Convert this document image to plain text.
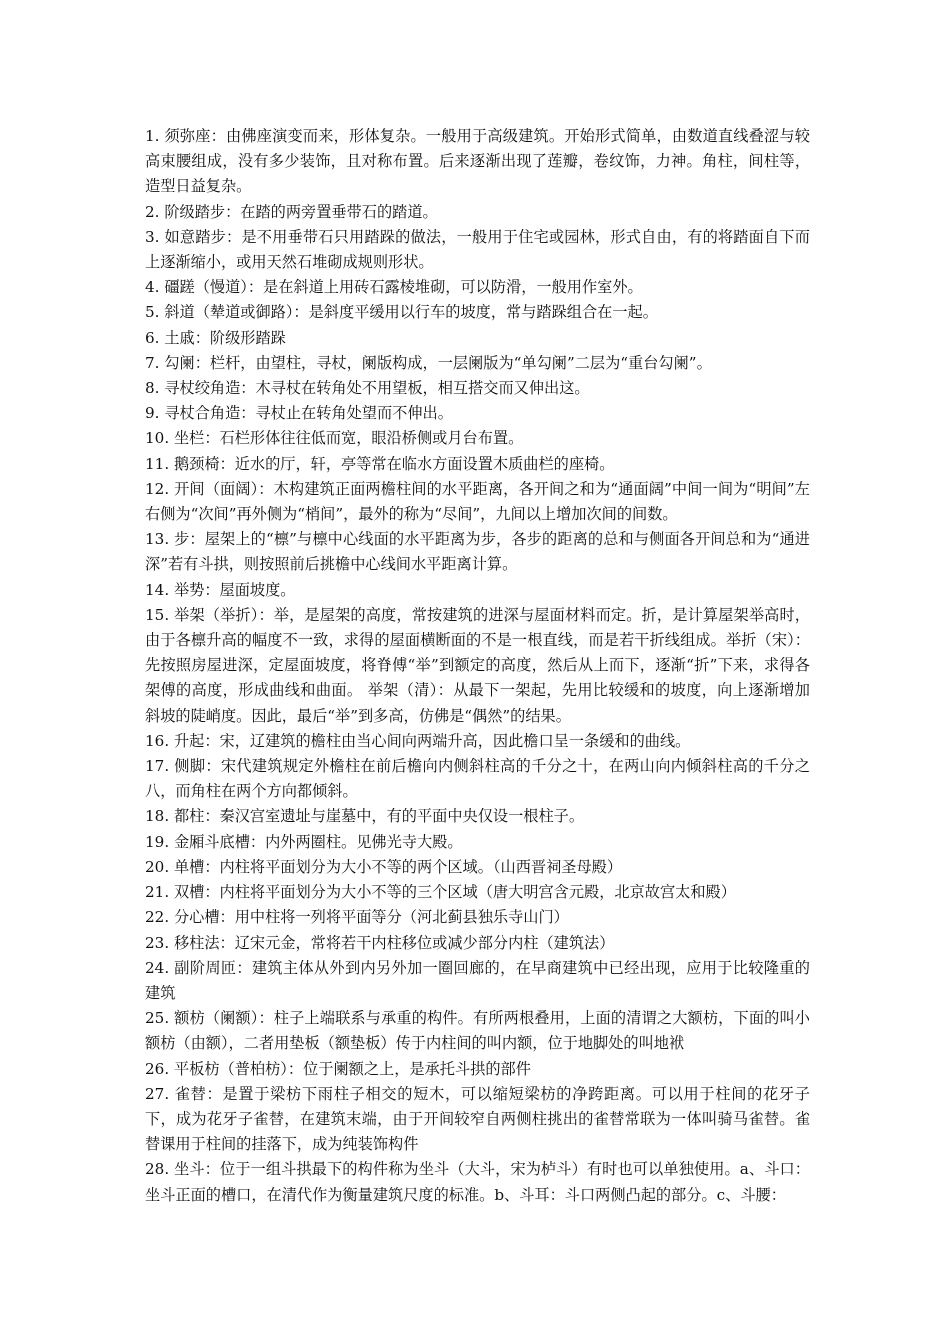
1. 须弥座：由佛座演变而来，形体复杂。一般用于高级建筑。开始形式简单，由数道直线叠涩与较高束腰组成，没有多少装饰，且对称布置。后来逐渐出现了莲瓣，卷纹饰，力神。角柱，间柱等，造型日益复杂。

2. 阶级踏步：在踏的两旁置垂带石的踏道。

3. 如意踏步：是不用垂带石只用踏跺的做法，一般用于住宅或园林，形式自由，有的将踏面自下而上逐渐缩小，或用天然石堆砌成规则形状。

4. 礓蹉（慢道）：是在斜道上用砖石露棱堆砌，可以防滑，一般用作室外。

5. 斜道（辇道或御路）：是斜度平缓用以行车的坡度，常与踏跺组合在一起。

6. 土戚：阶级形踏跺

7. 勾阑：栏杆，由望柱，寻杖，阑版构成，一层阑版为“单勾阑”二层为“重台勾阑”。

8. 寻杖绞角造：木寻杖在转角处不用望板，相互搭交而又伸出这。

9. 寻杖合角造：寻杖止在转角处望而不伸出。

10. 坐栏：石栏形体往往低而宽，眼沿桥侧或月台布置。

11. 鹅颈椅：近水的厅，轩，亭等常在临水方面设置木质曲栏的座椅。

12. 开间（面阔）：木构建筑正面两檐柱间的水平距离，各开间之和为“通面阔”中间一间为“明间”左右侧为“次间”再外侧为“梢间”，最外的称为“尽间”，九间以上增加次间的间数。

13. 步：屋架上的“檩”与檩中心线面的水平距离为步，各步的距离的总和与侧面各开间总和为“通进深”若有斗拱，则按照前后挑檐中心线间水平距离计算。

14. 举势：屋面坡度。

15. 举架（举折）：举，是屋架的高度，常按建筑的进深与屋面材料而定。折，是计算屋架举高时，由于各檩升高的幅度不一致，求得的屋面横断面的不是一根直线，而是若干折线组成。举折（宋）：先按照房屋进深，定屋面坡度，将脊傅“举”到额定的高度，然后从上而下，逐渐“折”下来，求得各架傅的高度，形成曲线和曲面。 举架（清）：从最下一架起，先用比较缓和的坡度，向上逐渐增加斜坡的陡峭度。因此，最后“举”到多高，仿佛是“偶然”的结果。

16. 升起：宋，辽建筑的檐柱由当心间向两端升高，因此檐口呈一条缓和的曲线。

17. 侧脚：宋代建筑规定外檐柱在前后檐向内侧斜柱高的千分之十，在两山向内倾斜柱高的千分之八，而角柱在两个方向都倾斜。

18. 都柱：秦汉宫室遗址与崖墓中，有的平面中央仅设一根柱子。

19. 金厢斗底槽：内外两圈柱。见佛光寺大殿。

20. 单槽：内柱将平面划分为大小不等的两个区域。（山西晋祠圣母殿）

21. 双槽：内柱将平面划分为大小不等的三个区域（唐大明宫含元殿，北京故宫太和殿）

22. 分心槽：用中柱将一列将平面等分（河北蓟县独乐寺山门）

23. 移柱法：辽宋元金，常将若干内柱移位或减少部分内柱（建筑法）

24. 副阶周匝：建筑主体从外到内另外加一圈回廊的，在早商建筑中已经出现，应用于比较隆重的建筑

25. 额枋（阑额）：柱子上端联系与承重的构件。有所两根叠用，上面的清谓之大额枋，下面的叫小额枋（由额），二者用垫板（额垫板）传于内柱间的叫内额，位于地脚处的叫地袱

26. 平板枋（普柏枋）：位于阑额之上，是承托斗拱的部件

27. 雀替：是置于梁枋下雨柱子相交的短木，可以缩短梁枋的净跨距离。可以用于柱间的花牙子下，成为花牙子雀替，在建筑末端，由于开间较窄自两侧柱挑出的雀替常联为一体叫骑马雀替。雀替课用于柱间的挂落下，成为纯装饰构件

28. 坐斗：位于一组斗拱最下的构件称为坐斗（大斗，宋为栌斗）有时也可以单独使用。a、斗口：坐斗正面的槽口，在清代作为衡量建筑尺度的标准。b、斗耳：斗口两侧凸起的部分。c、斗腰：
